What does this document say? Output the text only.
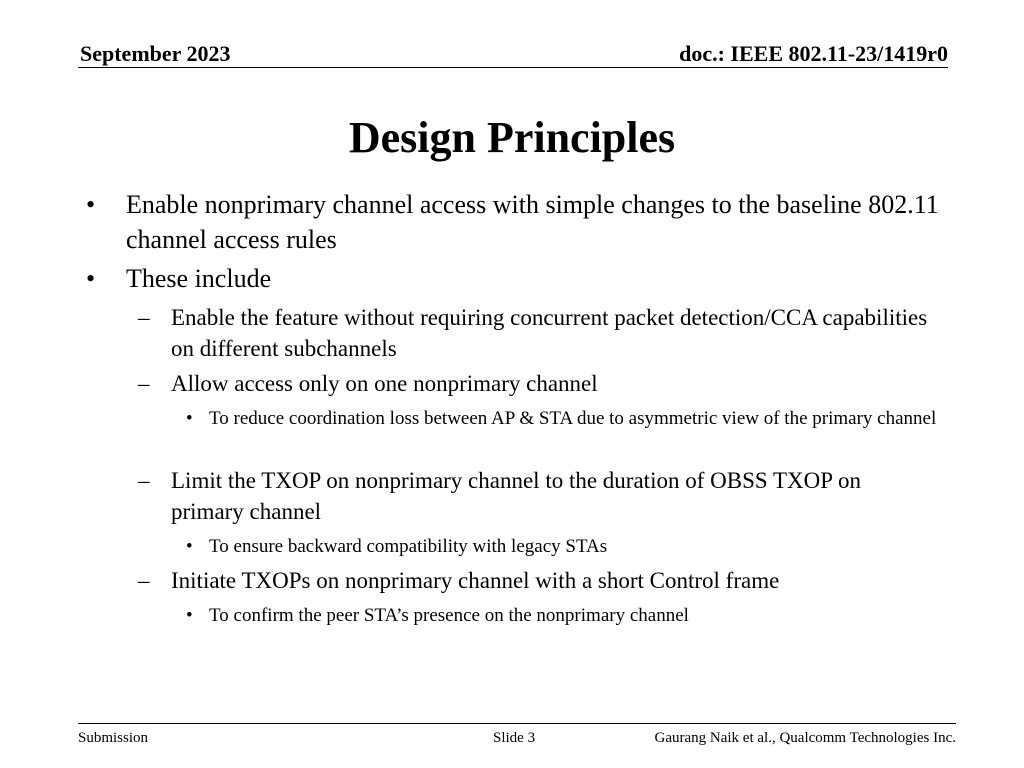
September 2023	doc.: IEEE 802.11-23/1419r0
Design Principles
• Enable nonprimary channel access with simple changes to the baseline 802.11 channel access rules
• These include
– Enable the feature without requiring concurrent packet detection/CCA capabilities on different subchannels
– Allow access only on one nonprimary channel
• To reduce coordination loss between AP & STA due to asymmetric view of the primary channel
– Limit the TXOP on nonprimary channel to the duration of OBSS TXOP on primary channel
• To ensure backward compatibility with legacy STAs
– Initiate TXOPs on nonprimary channel with a short Control frame
• To confirm the peer STA’s presence on the nonprimary channel
Submission	Slide 3	Gaurang Naik et al., Qualcomm Technologies Inc.
